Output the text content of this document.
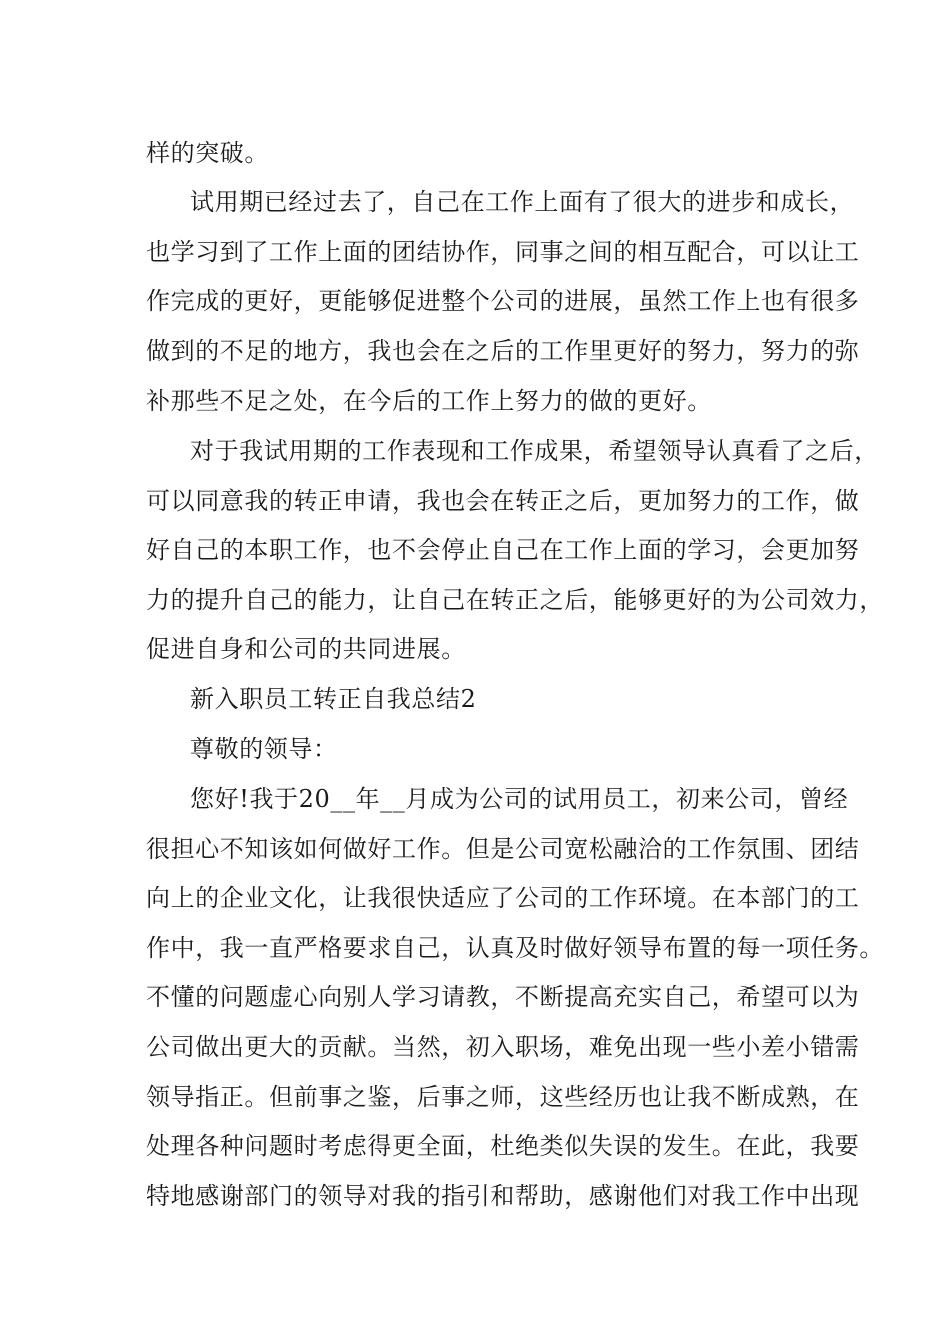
样的突破。
试用期已经过去了，自己在工作上面有了很大的进步和成长，
也学习到了工作上面的团结协作，同事之间的相互配合，可以让工
作完成的更好，更能够促进整个公司的进展，虽然工作上也有很多
做到的不足的地方，我也会在之后的工作里更好的努力，努力的弥
补那些不足之处，在今后的工作上努力的做的更好。
对于我试用期的工作表现和工作成果，希望领导认真看了之后，
可以同意我的转正申请，我也会在转正之后，更加努力的工作，做
好自己的本职工作，也不会停止自己在工作上面的学习，会更加努
力的提升自己的能力，让自己在转正之后，能够更好的为公司效力，
促进自身和公司的共同进展。
新入职员工转正自我总结2
尊敬的领导：
您好!我于20__年__月成为公司的试用员工，初来公司，曾经
很担心不知该如何做好工作。但是公司宽松融洽的工作氛围、团结
向上的企业文化，让我很快适应了公司的工作环境。在本部门的工
作中，我一直严格要求自己，认真及时做好领导布置的每一项任务。
不懂的问题虚心向别人学习请教，不断提高充实自己，希望可以为
公司做出更大的贡献。当然，初入职场，难免出现一些小差小错需
领导指正。但前事之鉴，后事之师，这些经历也让我不断成熟，在
处理各种问题时考虑得更全面，杜绝类似失误的发生。在此，我要
特地感谢部门的领导对我的指引和帮助，感谢他们对我工作中出现
